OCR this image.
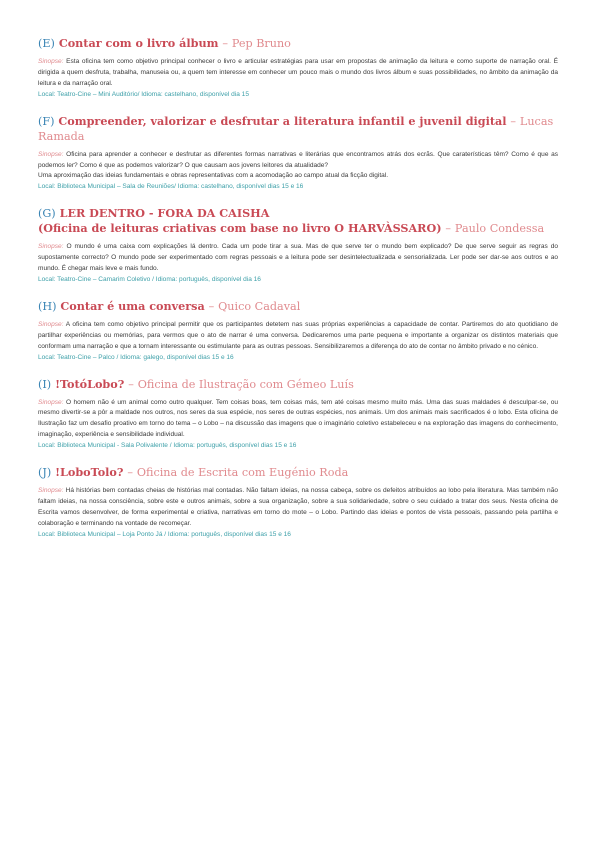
(E) Contar com o livro álbum – Pep Bruno

Sinopse: Esta oficina tem como objetivo principal conhecer o livro e articular estratégias para usar em propostas de animação da leitura e como suporte de narração oral. É dirigida a quem desfruta, trabalha, manuseia ou, a quem tem interesse em conhecer um pouco mais o mundo dos livros álbum e suas possibilidades, no âmbito da animação da leitura e da narração oral.

Local: Teatro-Cine – Mini Auditório/ Idioma: castelhano, disponível dia 15

(F) Compreender, valorizar e desfrutar a literatura infantil e juvenil digital – Lucas Ramada

Sinopse: Oficina para aprender a conhecer e desfrutar as diferentes formas narrativas e literárias que encontramos atrás dos ecrãs. Que caraterísticas têm? Como é que as podemos ler? Como é que as podemos valorizar? O que causam aos jovens leitores da atualidade?

Uma aproximação das ideias fundamentais e obras representativas com a acomodação ao campo atual da ficção digital.

Local: Biblioteca Municipal – Sala de Reuniões/ Idioma: castelhano, disponível dias 15 e 16

(G) LER DENTRO - FORA DA CAISHA
(Oficina de leituras criativas com base no livro O HARVÀSSARO) – Paulo Condessa

Sinopse: O mundo é uma caixa com explicações lá dentro. Cada um pode tirar a sua. Mas de que serve ter o mundo bem explicado? De que serve seguir as regras do supostamente correcto? O mundo pode ser experimentado com regras pessoais e a leitura pode ser desintelectualizada e sensorializada. Ler pode ser dar-se aos outros e ao mundo. É chegar mais leve e mais fundo.

Local: Teatro-Cine – Camarim Coletivo / Idioma: português, disponível dia 16

(H) Contar é uma conversa – Quico Cadaval

Sinopse: A oficina tem como objetivo principal permitir que os participantes detetem nas suas próprias experiências a capacidade de contar. Partiremos do ato quotidiano de partilhar experiências ou memórias, para vermos que o ato de narrar é uma conversa. Dedicaremos uma parte pequena e importante a organizar os distintos materiais que conformam uma narração e que a tornam interessante ou estimulante para as outras pessoas. Sensibilizaremos a diferença do ato de contar no âmbito privado e no cénico.

Local: Teatro-Cine – Palco / Idioma: galego, disponível dias 15 e 16

(I) !TotóLobo? – Oficina de Ilustração com Gémeo Luís

Sinopse: O homem não é um animal como outro qualquer. Tem coisas boas, tem coisas más, tem até coisas mesmo muito más. Uma das suas maldades é desculpar-se, ou mesmo divertir-se a pôr a maldade nos outros, nos seres da sua espécie, nos seres de outras espécies, nos animais. Um dos animais mais sacrificados é o lobo. Esta oficina de Ilustração faz um desafio proativo em torno do tema – o Lobo – na discussão das imagens que o imaginário coletivo estabeleceu e na exploração das imagens do conhecimento, imaginação, experiência e sensibilidade individual.

Local: Biblioteca Municipal - Sala Polivalente / Idioma: português, disponível dias 15 e 16

(J) !LoboTolo? – Oficina de Escrita com Eugénio Roda

Sinopse: Há histórias bem contadas cheias de histórias mal contadas. Não faltam ideias, na nossa cabeça, sobre os defeitos atribuídos ao lobo pela literatura. Mas também não faltam ideias, na nossa consciência, sobre este e outros animais, sobre a sua organização, sobre a sua solidariedade, sobre o seu cuidado a tratar dos seus. Nesta oficina de Escrita vamos desenvolver, de forma experimental e criativa, narrativas em torno do mote – o Lobo. Partindo das ideias e pontos de vista pessoais, passando pela partilha e colaboração e terminando na vontade de recomeçar.

Local: Biblioteca Municipal – Loja Ponto Já / Idioma: português, disponível dias 15 e 16
